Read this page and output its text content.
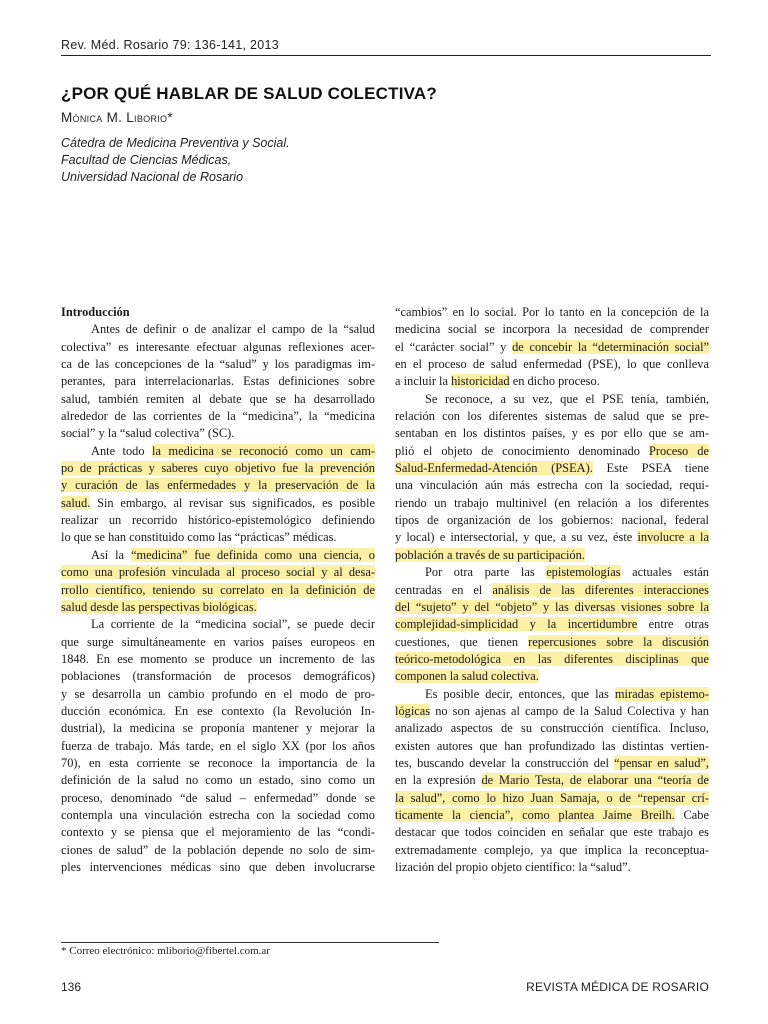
Rev. Méd. Rosario 79: 136-141, 2013
¿POR QUÉ HABLAR DE SALUD COLECTIVA?
Mónica M. Liborio*
Cátedra de Medicina Preventiva y Social.
Facultad de Ciencias Médicas,
Universidad Nacional de Rosario
Introducción
Antes de definir o de analizar el campo de la “salud
colectiva” es interesante efectuar algunas reflexiones acer-
ca de las concepciones de la “salud” y los paradigmas im-
perantes, para interrelacionarlas. Estas definiciones sobre
salud, también remiten al debate que se ha desarrollado
alrededor de las corrientes de la “medicina”, la “medicina
social” y la “salud colectiva” (SC).
Ante todo la medicina se reconoció como un cam-
po de prácticas y saberes cuyo objetivo fue la prevención
y curación de las enfermedades y la preservación de la
salud. Sin embargo, al revisar sus significados, es posible
realizar un recorrido histórico-epistemológico definiendo
lo que se han constituido como las “prácticas” médicas.
Así la “medicina” fue definida como una ciencia, o
como una profesión vinculada al proceso social y al desa-
rrollo científico, teniendo su correlato en la definición de
salud desde las perspectivas biológicas.
La corriente de la “medicina social”, se puede decir
que surge simultáneamente en varios países europeos en
1848. En ese momento se produce un incremento de las
poblaciones (transformación de procesos demográficos)
y se desarrolla un cambio profundo en el modo de pro-
ducción económica. En ese contexto (la Revolución In-
dustrial), la medicina se proponía mantener y mejorar la
fuerza de trabajo. Más tarde, en el siglo XX (por los años
70), en esta corriente se reconoce la importancia de la
definición de la salud no como un estado, sino como un
proceso, denominado “de salud – enfermedad” donde se
contempla una vinculación estrecha con la sociedad como
contexto y se piensa que el mejoramiento de las “condi-
ciones de salud” de la población depende no solo de sim-
ples intervenciones médicas sino que deben involucrarse
“cambios” en lo social. Por lo tanto en la concepción de la
medicina social se incorpora la necesidad de comprender
el “carácter social” y de concebir la “determinación social”
en el proceso de salud enfermedad (PSE), lo que conlleva
a incluir la historicidad en dicho proceso.
Se reconoce, a su vez, que el PSE tenía, también,
relación con los diferentes sistemas de salud que se pre-
sentaban en los distintos países, y es por ello que se am-
plió el objeto de conocimiento denominado Proceso de
Salud-Enfermedad-Atención (PSEA). Este PSEA tiene
una vinculación aún más estrecha con la sociedad, requi-
riendo un trabajo multinivel (en relación a los diferentes
tipos de organización de los gobiernos: nacional, federal
y local) e intersectorial, y que, a su vez, éste involucre a la
población a través de su participación.
Por otra parte las epistemologías actuales están
centradas en el análisis de las diferentes interacciones
del “sujeto” y del “objeto” y las diversas visiones sobre la
complejidad-simplicidad y la incertidumbre entre otras
cuestiones, que tienen repercusiones sobre la discusión
teórico-metodológica en las diferentes disciplinas que
componen la salud colectiva.
Es posible decir, entonces, que las miradas epistemo-
lógicas no son ajenas al campo de la Salud Colectiva y han
analizado aspectos de su construcción científica. Incluso,
existen autores que han profundizado las distintas vertien-
tes, buscando develar la construcción del “pensar en salud”,
en la expresión de Mario Testa, de elaborar una “teoría de
la salud”, como lo hizo Juan Samaja, o de “repensar crí-
ticamente la ciencia”, como plantea Jaime Breilh. Cabe
destacar que todos coinciden en señalar que este trabajo es
extremadamente complejo, ya que implica la reconceptua-
lización del propio objeto científico: la “salud”.
* Correo electrónico: mliborio@fibertel.com.ar
136	REVISTA MÉDICA DE ROSARIO
